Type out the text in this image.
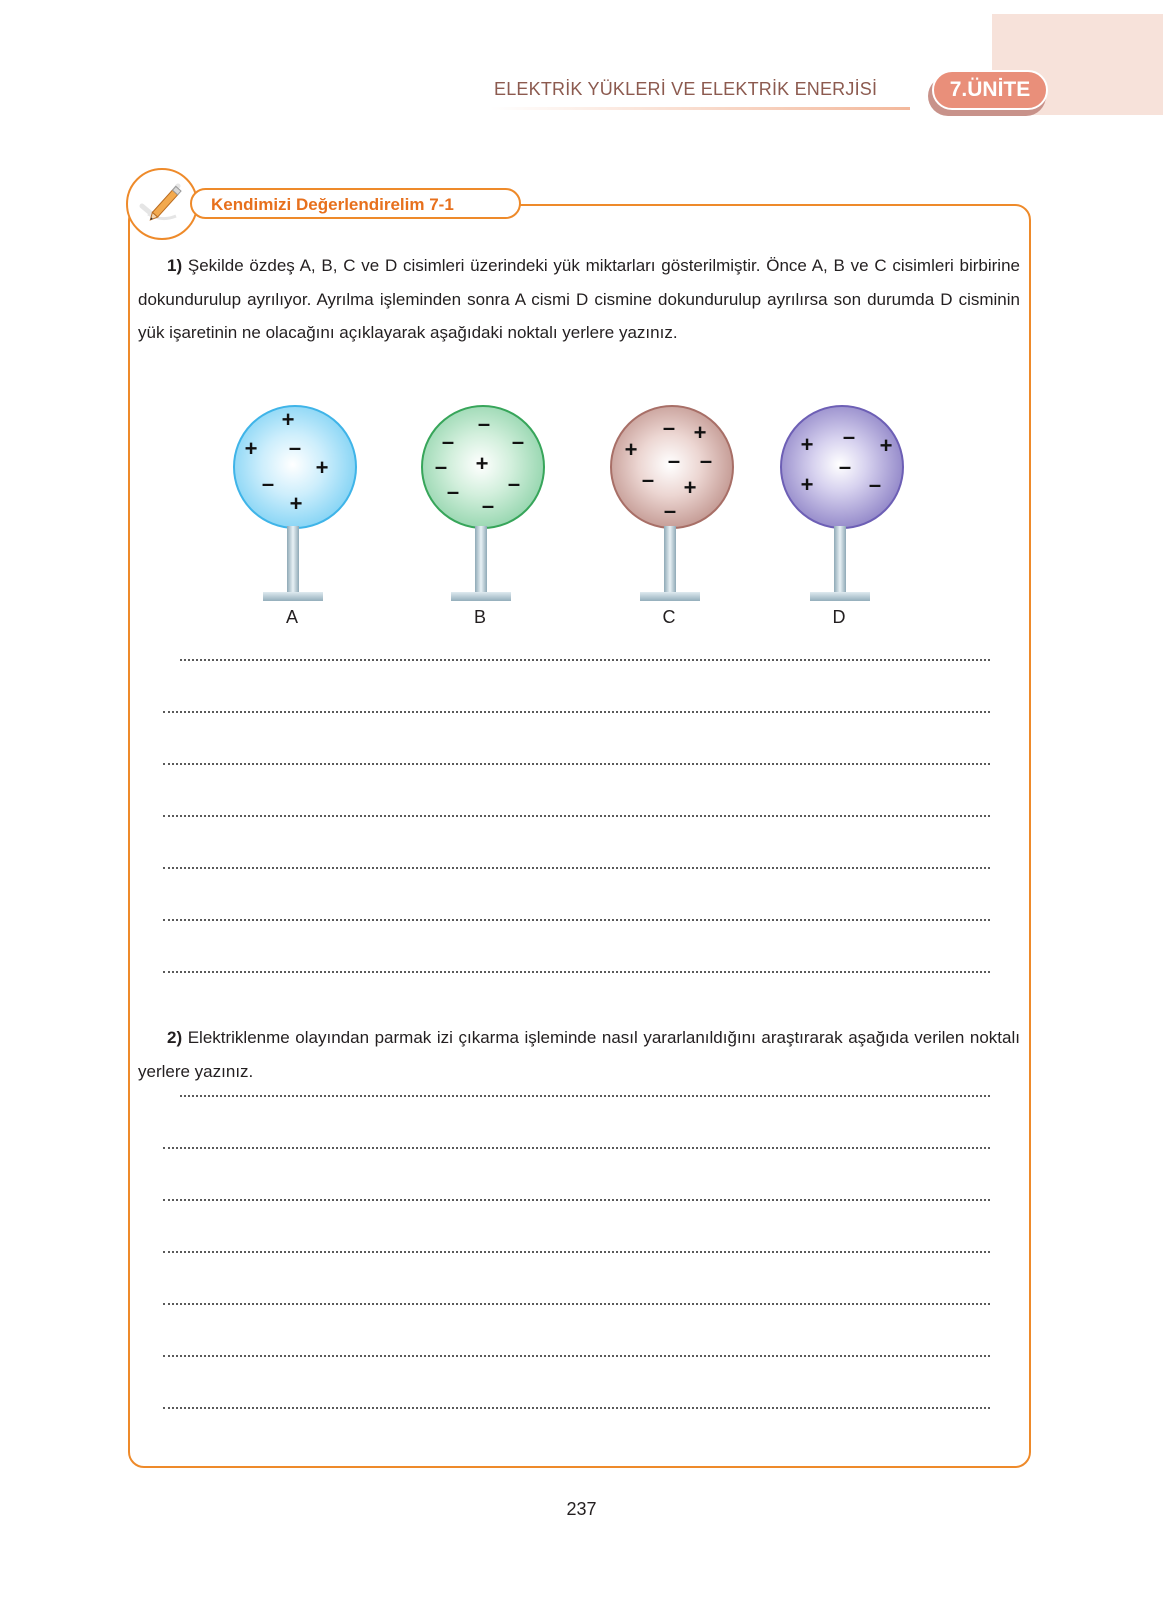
ELEKTRİK YÜKLERİ VE ELEKTRİK ENERJİSİ	7.ÜNİTE
Kendimizi Değerlendirelim 7-1
1) Şekilde özdeş A, B, C ve D cisimleri üzerindeki yük miktarları gösterilmiştir. Önce A, B ve C cisimleri birbirine dokundurulup ayrılıyor. Ayrılma işleminden sonra A cismi D cismine dokundurulup ayrılırsa son durumda D cisminin yük işaretinin ne olacağını açıklayarak aşağıdaki noktalı yerlere yazınız.
+
+ –
+
–
+
A
–
–	–
– +
–
–
–
B
– +
+ – –
– +
–
C
+ – +
–
+	–
D
2) Elektriklenme olayından parmak izi çıkarma işleminde nasıl yararlanıldığını araştırarak aşağıda verilen noktalı yerlere yazınız.
237
